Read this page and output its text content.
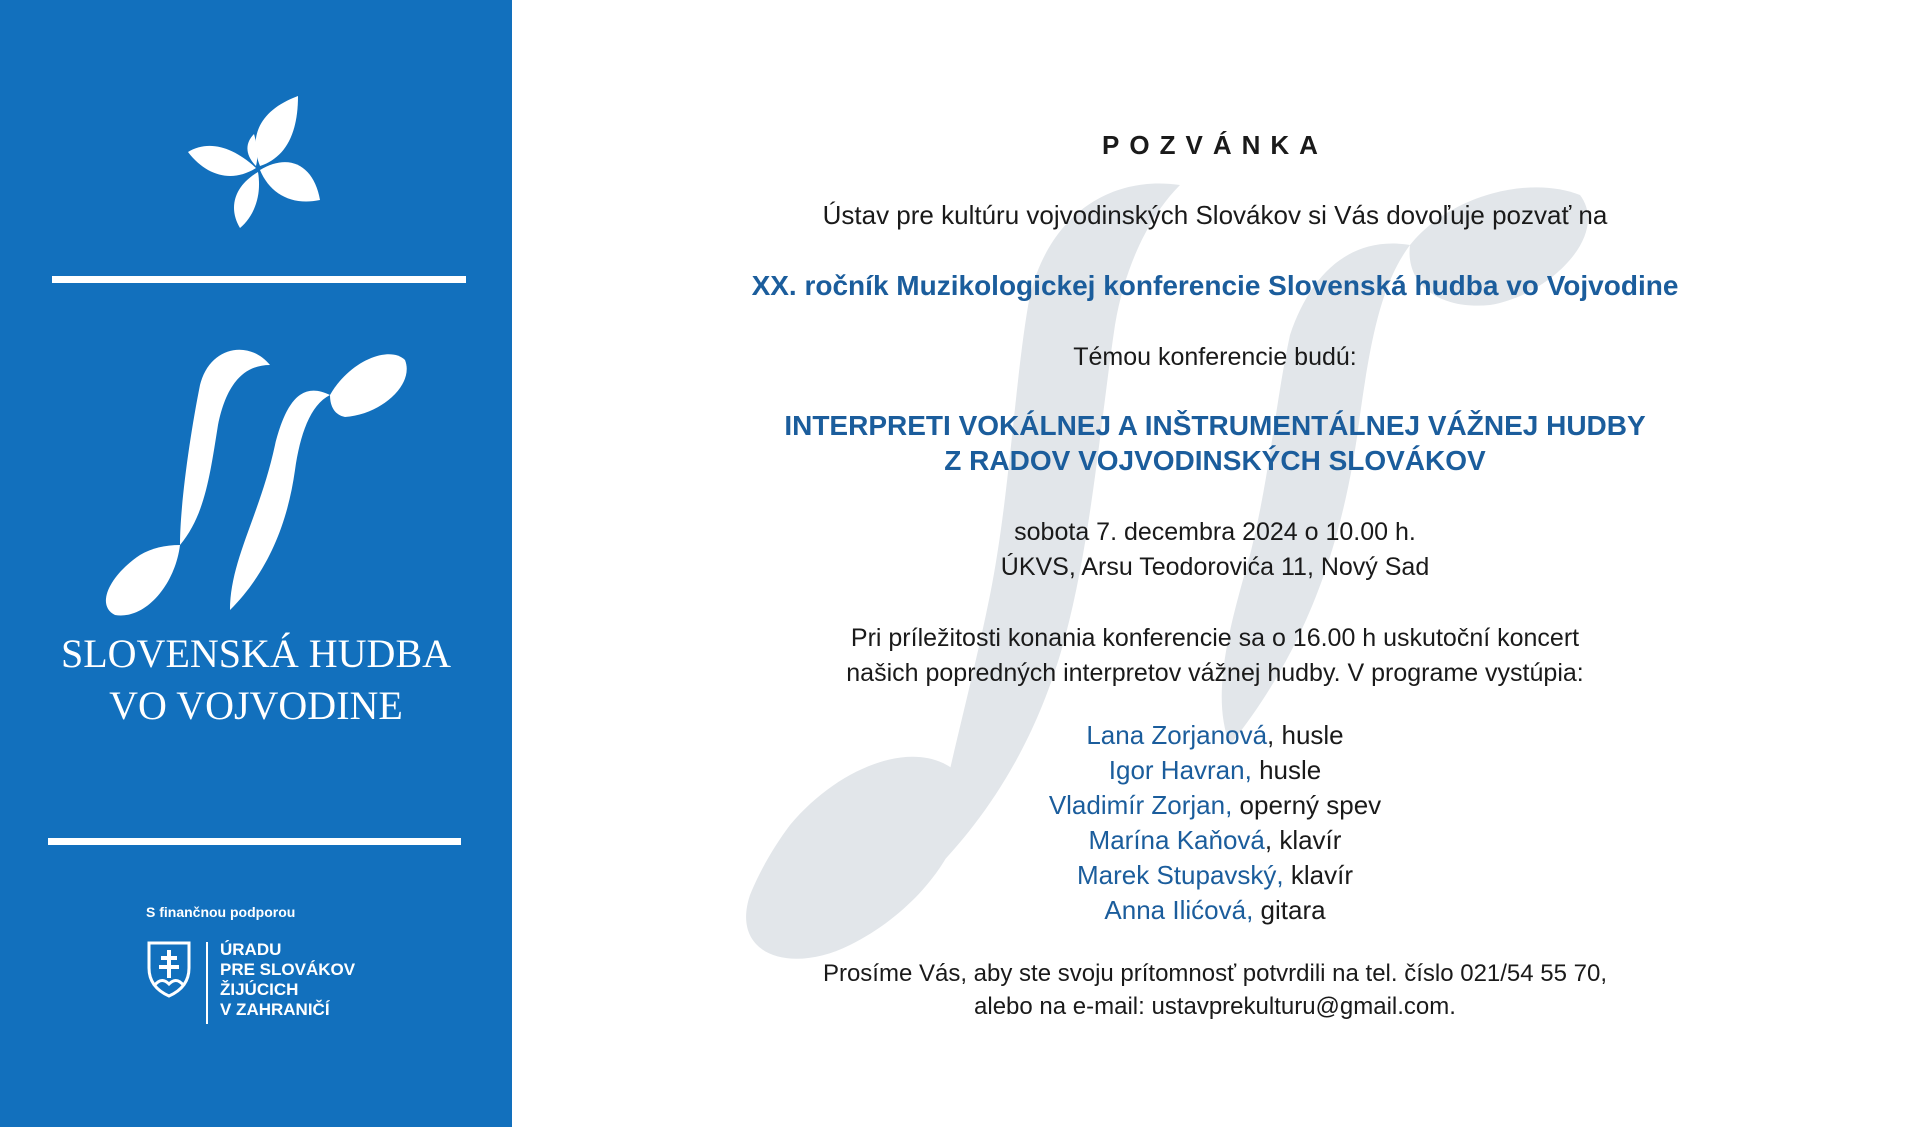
SLOVENSKÁ HUDBA
VO VOJVODINE
S finančnou podporou
ÚRADU
PRE SLOVÁKOV
ŽIJÚCICH
V ZAHRANIČÍ
POZVÁNKA
Ústav pre kultúru vojvodinských Slovákov si Vás dovoľuje pozvať na
XX. ročník Muzikologickej konferencie Slovenská hudba vo Vojvodine
Témou konferencie budú:
INTERPRETI VOKÁLNEJ A INŠTRUMENTÁLNEJ VÁŽNEJ HUDBY
Z RADOV VOJVODINSKÝCH SLOVÁKOV
sobota 7. decembra 2024 o 10.00 h.
ÚKVS, Arsu Teodorovića 11, Nový Sad
Pri príležitosti konania konferencie sa o 16.00 h uskutoční koncert
našich popredných interpretov vážnej hudby. V programe vystúpia:
Lana Zorjanová, husle
Igor Havran, husle
Vladimír Zorjan, operný spev
Marína Kaňová, klavír
Marek Stupavský, klavír
Anna Ilićová, gitara
Prosíme Vás, aby ste svoju prítomnosť potvrdili na tel. číslo 021/54 55 70,
alebo na e-mail: ustavprekulturu@gmail.com.
